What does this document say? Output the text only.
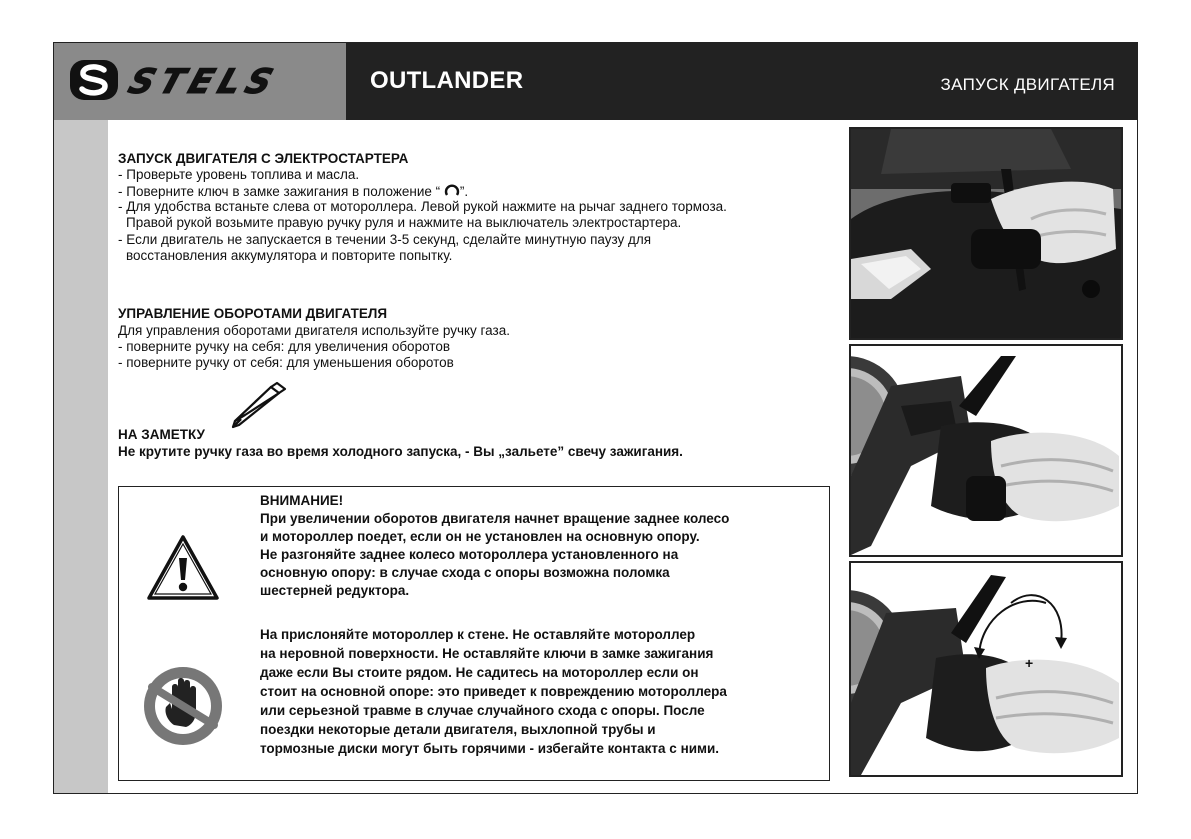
STELS	OUTLANDER	ЗАПУСК ДВИГАТЕЛЯ
ЗАПУСК ДВИГАТЕЛЯ С ЭЛЕКТРОСТАРТЕРА
- Проверьте уровень топлива и масла.
- Поверните ключ в замке зажигания в положение “ ”.
- Для удобства встаньте слева от мотороллера. Левой рукой нажмите на рычаг заднего тормоза.
Правой рукой возьмите правую ручку руля и нажмите на выключатель электростартера.
- Если двигатель не запускается в течении 3-5 секунд, сделайте минутную паузу для
восстановления аккумулятора и повторите попытку.
УПРАВЛЕНИЕ ОБОРОТАМИ ДВИГАТЕЛЯ
Для управления оборотами двигателя используйте ручку газа.
- поверните ручку на себя: для увеличения оборотов
- поверните ручку от себя: для уменьшения оборотов
НА ЗАМЕТКУ
Не крутите ручку газа во время холодного запуска, - Вы „зальете” свечу зажигания.
ВНИМАНИЕ!
При увеличении оборотов двигателя начнет вращение заднее колесо
и мотороллер поедет, если он не установлен на основную опору.
Не разгоняйте заднее колесо мотороллера установленного на
основную опору: в случае схода с опоры возможна поломка
шестерней редуктора.
На прислоняйте мотороллер к стене. Не оставляйте мотороллер
на неровной поверхности. Не оставляйте ключи в замке зажигания
даже если Вы стоите рядом. Не садитесь на мотороллер если он
стоит на основной опоре: это приведет к повреждению мотороллера
или серьезной травме в случае случайного схода с опоры. После
поездки некоторые детали двигателя, выхлопной трубы и
тормозные диски могут быть горячими - избегайте контакта с ними.
-
+
